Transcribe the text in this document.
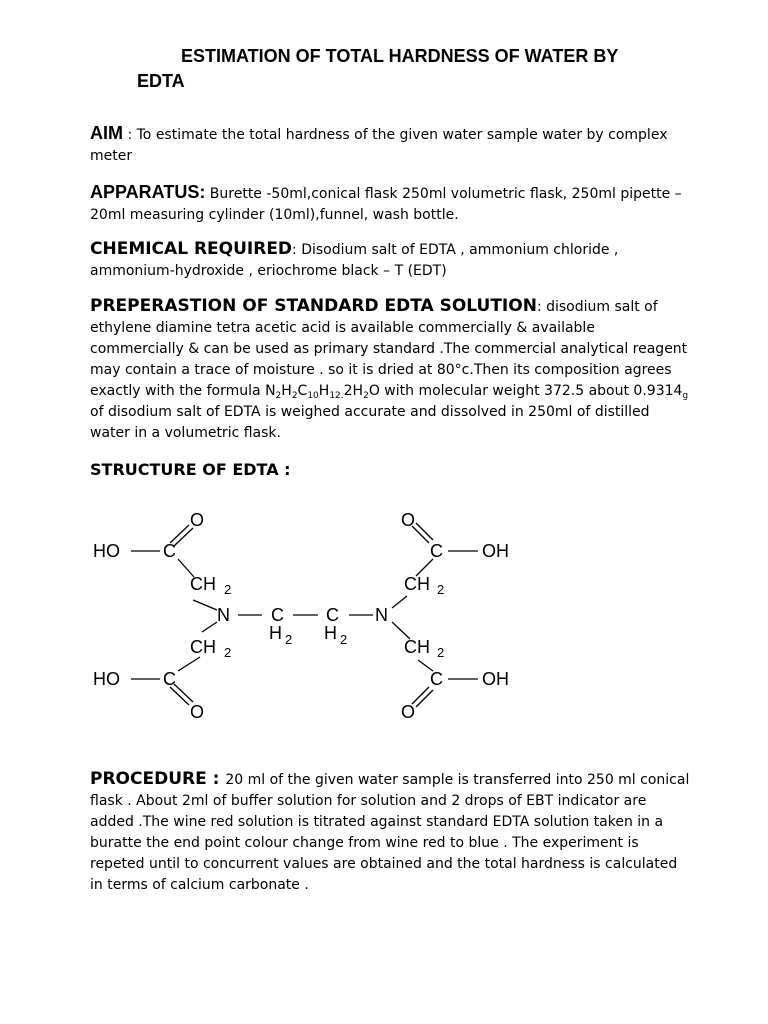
ESTIMATION OF TOTAL HARDNESS OF WATER BY
EDTA
AIM : To estimate the total hardness of the given water sample water by complex meter
APPARATUS: Burette -50ml,conical flask 250ml volumetric flask, 250ml pipette – 20ml measuring cylinder (10ml),funnel, wash bottle.
CHEMICAL REQUIRED: Disodium salt of EDTA , ammonium chloride , ammonium-hydroxide , eriochrome black – T (EDT)
PREPERASTION OF STANDARD EDTA SOLUTION: disodium salt of ethylene diamine tetra acetic acid is available commercially & available commercially & can be used as primary standard .The commercial analytical reagent may contain a trace of moisture . so it is dried at 80°c.Then its composition agrees exactly with the formula $N_2H_2C_{10}H_{12.}2H_2O$ with molecular weight 372.5 about $0.9314_g$ of disodium salt of EDTA is weighed accurate and dissolved in 250ml of distilled water in a volumetric flask.
STRUCTURE OF EDTA :
O
HO C
CH 2
N C
H 2
C
H 2
N
CH 2
HO C
O
O
C OH
CH 2
CH 2
C OH
O
PROCEDURE : 20 ml of the given water sample is transferred into 250 ml conical flask . About 2ml of buffer solution for solution and 2 drops of EBT indicator are added .The wine red solution is titrated against standard EDTA solution taken in a buratte the end point colour change from wine red to blue . The experiment is repeted until to concurrent values are obtained and the total hardness is calculated in terms of calcium carbonate .
